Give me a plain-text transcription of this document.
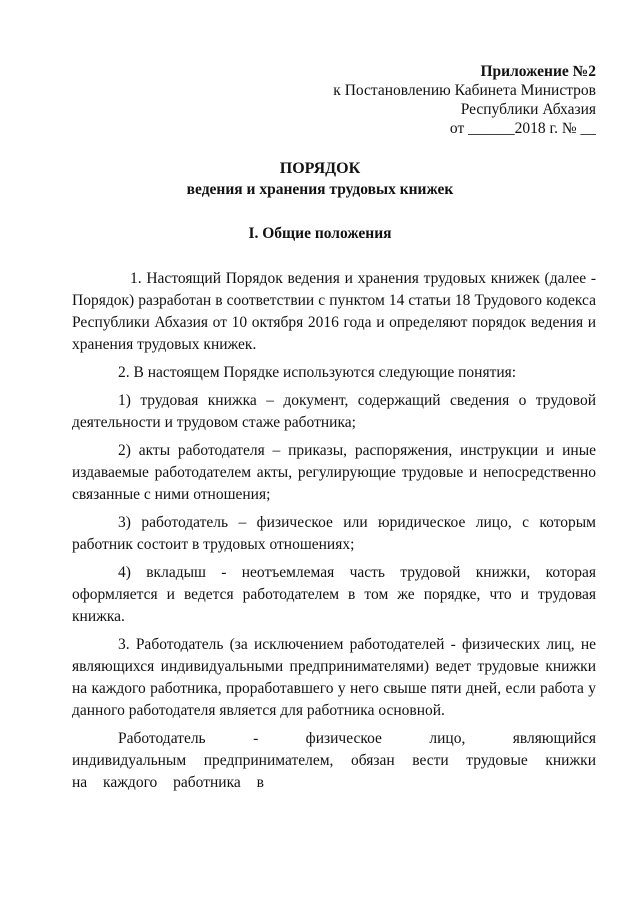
Приложение №2
к Постановлению Кабинета Министров
Республики Абхазия
от ______2018 г. № __
ПОРЯДОК
ведения и хранения трудовых книжек
I. Общие положения

1. Настоящий Порядок ведения и хранения трудовых книжек (далее - Порядок) разработан в соответствии с пунктом 14 статьи 18 Трудового кодекса Республики Абхазия от 10 октября 2016 года и определяют порядок ведения и хранения трудовых книжек.

2. В настоящем Порядке используются следующие понятия:

1) трудовая книжка – документ, содержащий сведения о трудовой деятельности и трудовом стаже работника;

2) акты работодателя – приказы, распоряжения, инструкции и иные издаваемые работодателем акты, регулирующие трудовые и непосредственно связанные с ними отношения;

3) работодатель – физическое или юридическое лицо, с которым работник состоит в трудовых отношениях;

4) вкладыш - неотъемлемая часть трудовой книжки, которая оформляется и ведется работодателем в том же порядке, что и трудовая книжка.

3. Работодатель (за исключением работодателей - физических лиц, не являющихся индивидуальными предпринимателями) ведет трудовые книжки на каждого работника, проработавшего у него свыше пяти дней, если работа у данного работодателя является для работника основной.

Работодатель - физическое лицо, являющийся индивидуальным предпринимателем, обязан вести трудовые книжки на каждого работника в
